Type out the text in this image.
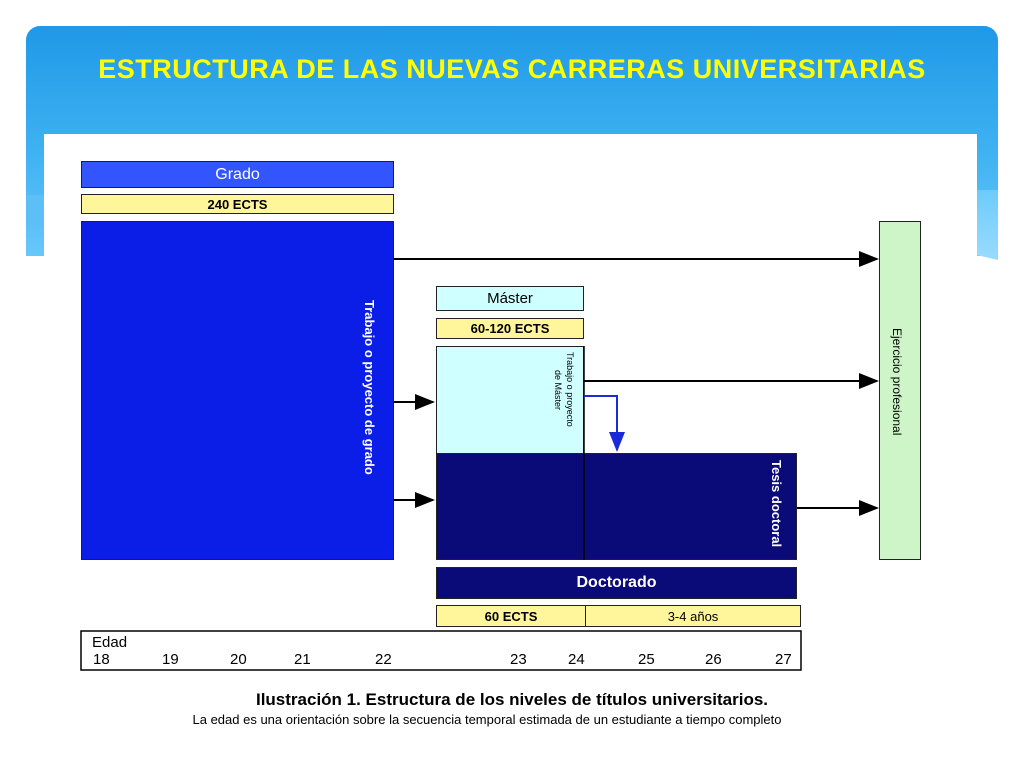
ESTRUCTURA DE LAS NUEVAS CARRERAS UNIVERSITARIAS
Grado
240 ECTS
Trabajo o proyecto de grado
Máster
60-120 ECTS
Trabajo o proyecto
de Máster
Tesis doctoral
Doctorado
60 ECTS	3-4 años
Ejercicio profesional
Edad
18	19	20	21	22	23	24	25	26	27
Ilustración 1. Estructura de los niveles de títulos universitarios.
La edad es una orientación sobre la secuencia temporal estimada de un estudiante a tiempo completo
